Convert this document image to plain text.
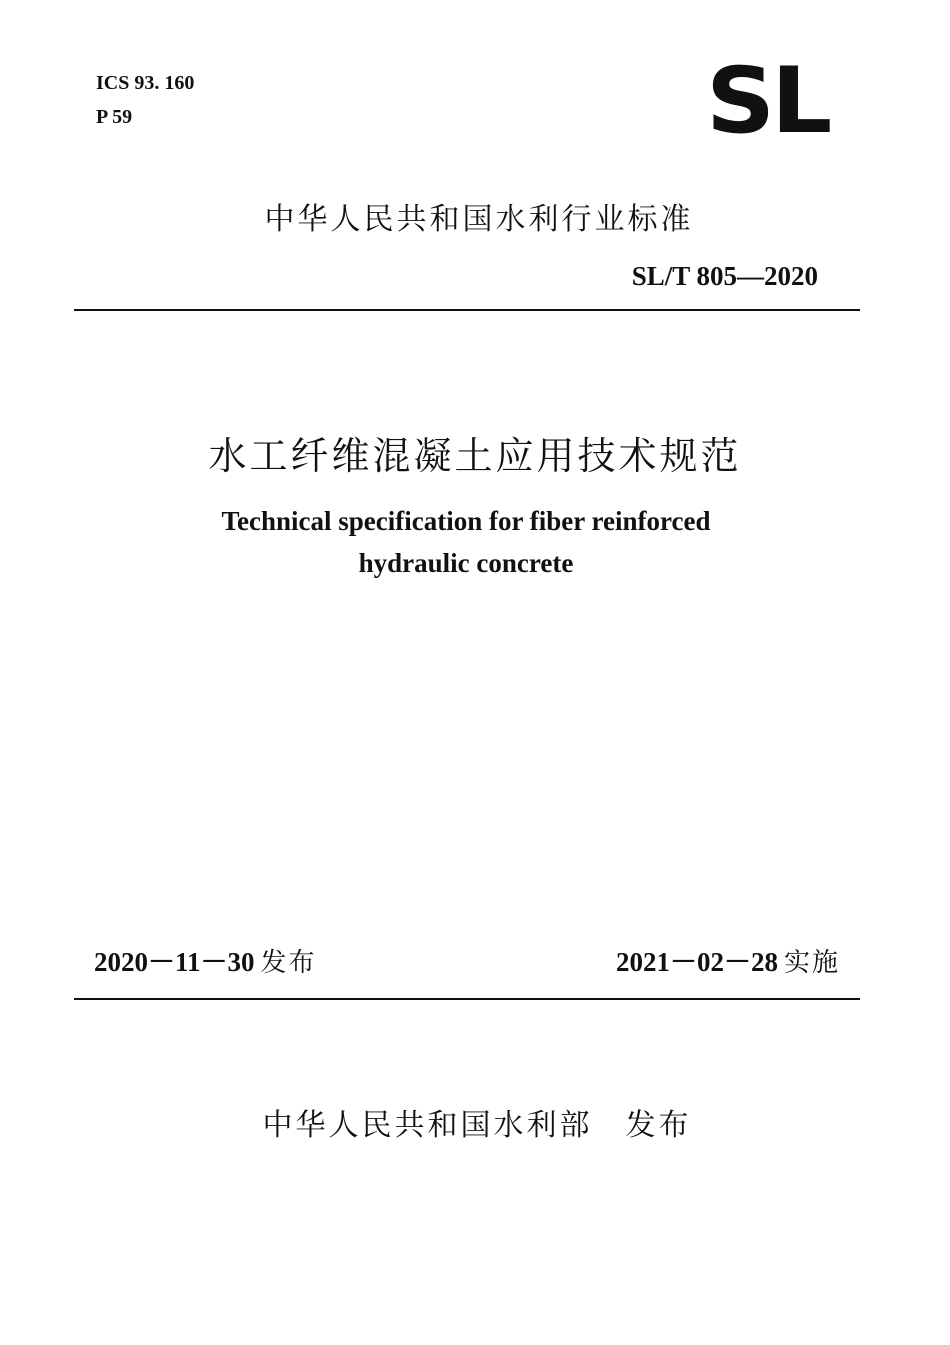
ICS 93. 160
P 59	SL
中华人民共和国水利行业标准
SL/T 805—2020
水工纤维混凝土应用技术规范
Technical specification for fiber reinforced
hydraulic concrete
2020－11－30 发布	2021－02－28 实施
中华人民共和国水利部　发布
